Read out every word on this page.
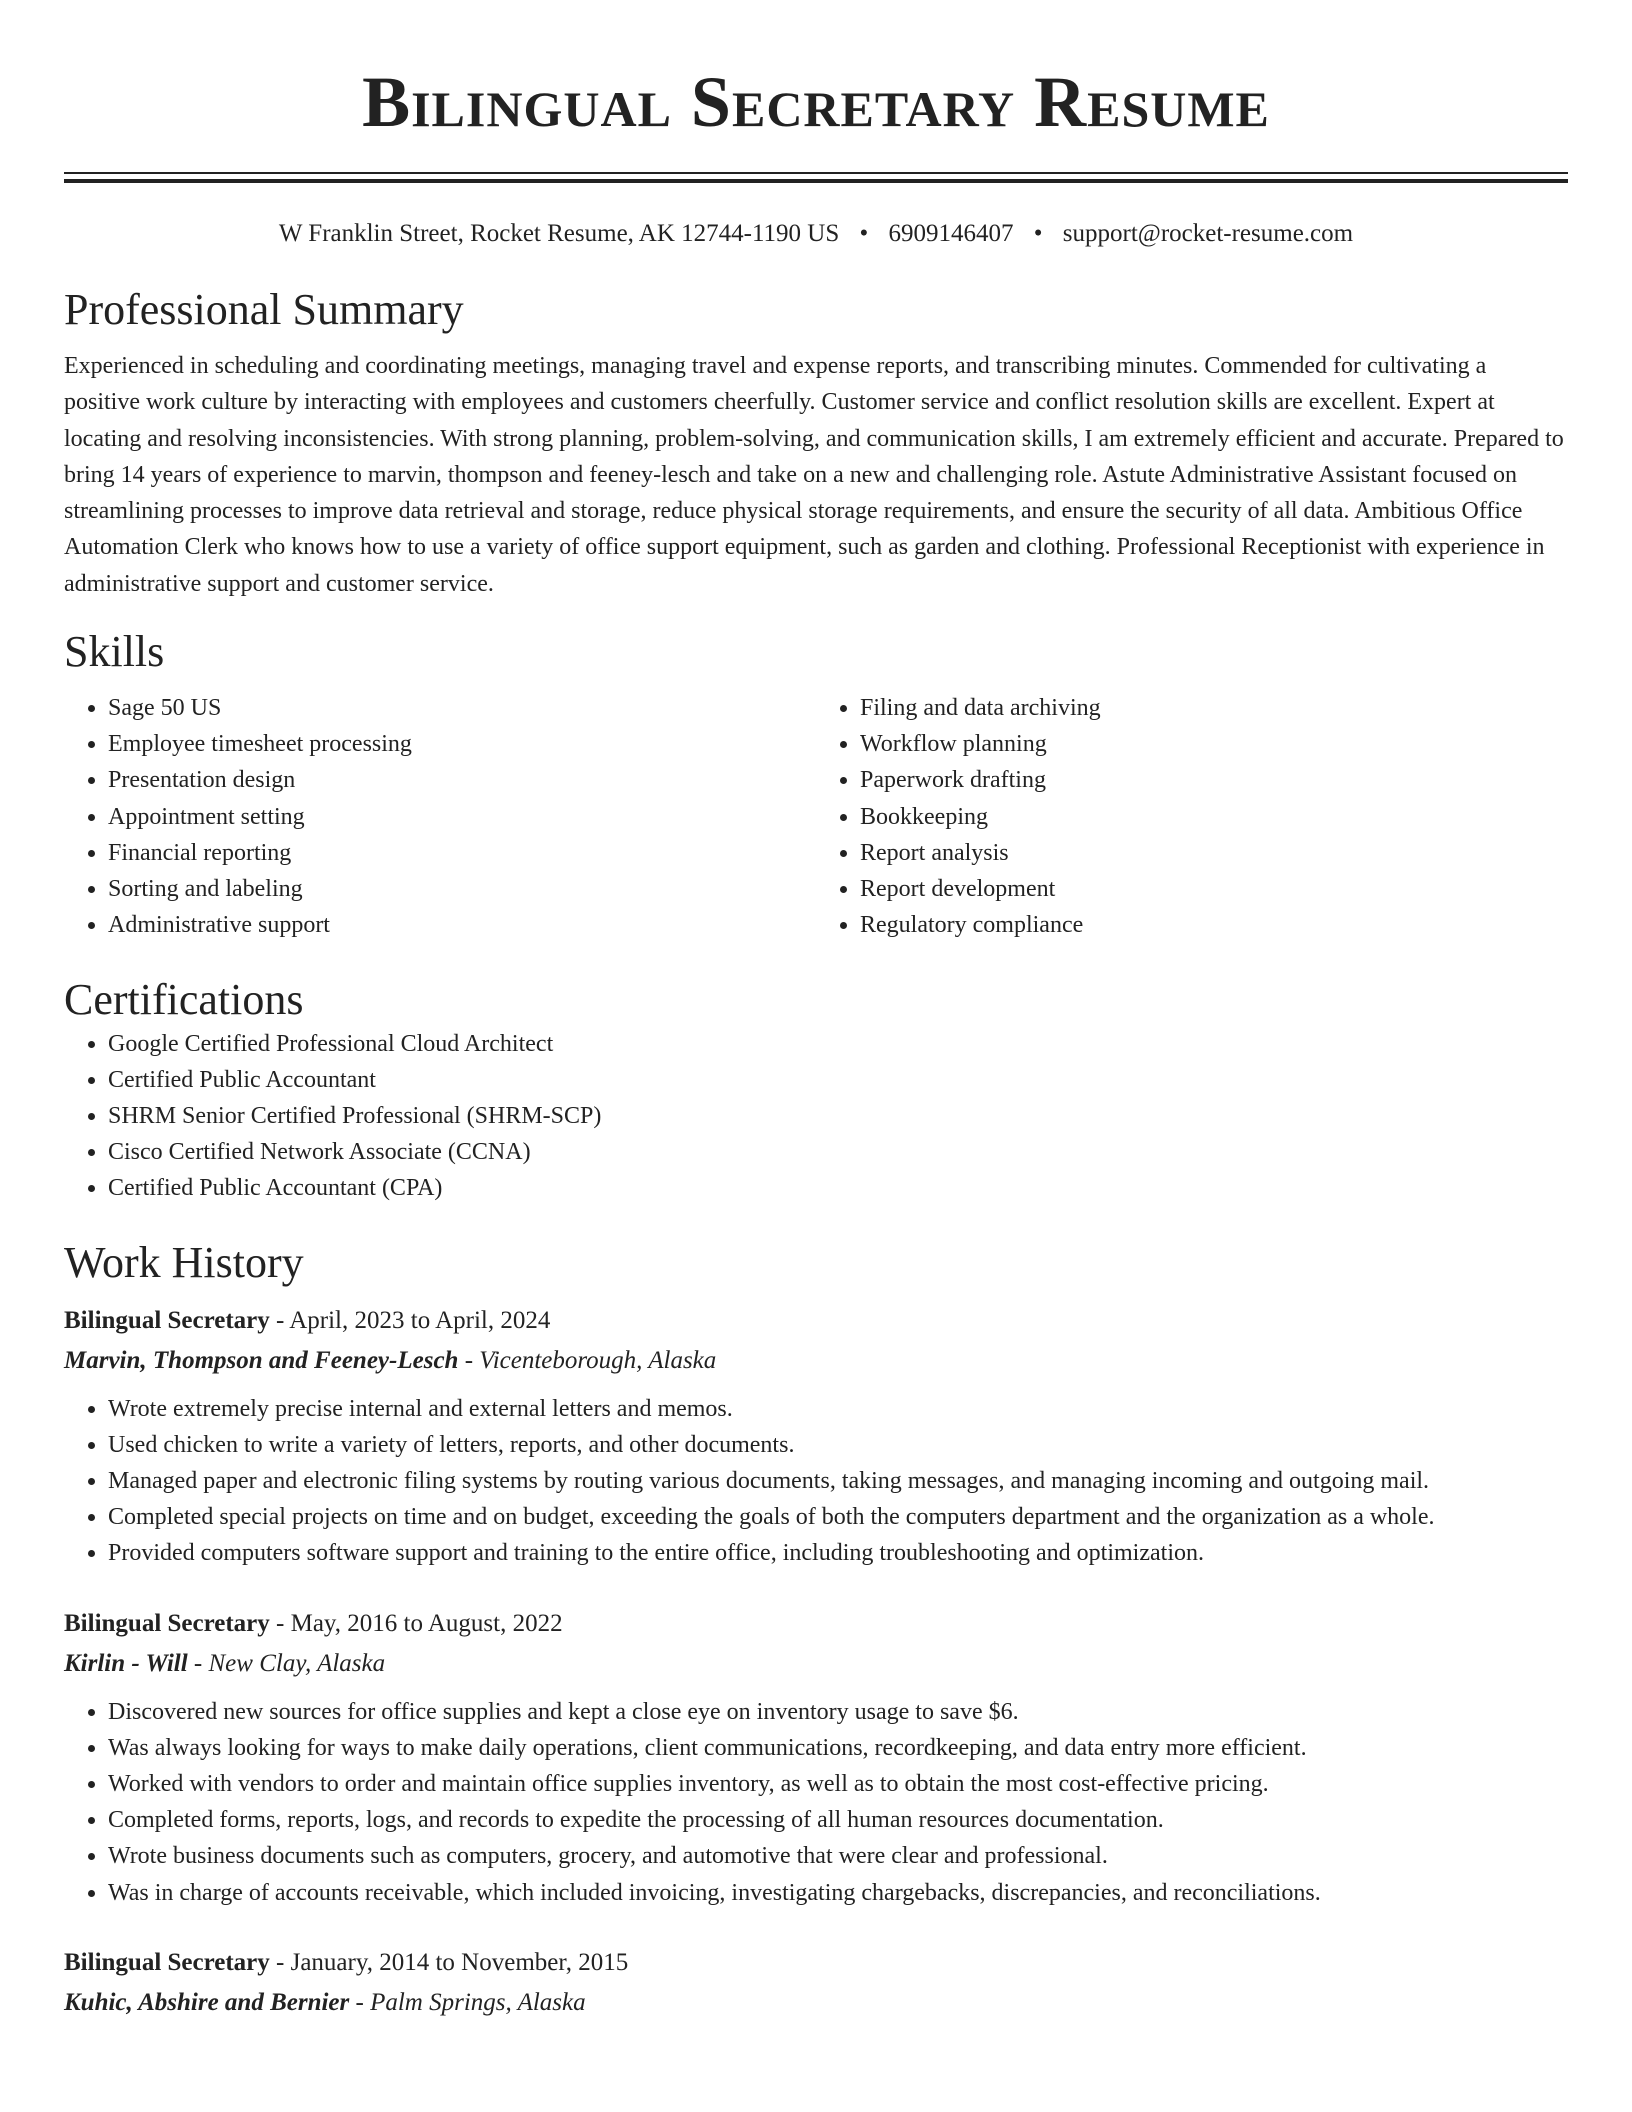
Bilingual Secretary Resume
W Franklin Street, Rocket Resume, AK 12744-1190 US • 6909146407 • support@rocket-resume.com
Professional Summary

Experienced in scheduling and coordinating meetings, managing travel and expense reports, and transcribing minutes. Commended for cultivating a positive work culture by interacting with employees and customers cheerfully. Customer service and conflict resolution skills are excellent. Expert at locating and resolving inconsistencies. With strong planning, problem-solving, and communication skills, I am extremely efficient and accurate. Prepared to bring 14 years of experience to marvin, thompson and feeney-lesch and take on a new and challenging role. Astute Administrative Assistant focused on streamlining processes to improve data retrieval and storage, reduce physical storage requirements, and ensure the security of all data. Ambitious Office Automation Clerk who knows how to use a variety of office support equipment, such as garden and clothing. Professional Receptionist with experience in administrative support and customer service.

Skills
• Sage 50 US
• Employee timesheet processing
• Presentation design
• Appointment setting
• Financial reporting
• Sorting and labeling
• Administrative support
• Filing and data archiving
• Workflow planning
• Paperwork drafting
• Bookkeeping
• Report analysis
• Report development
• Regulatory compliance
Certifications
• Google Certified Professional Cloud Architect
• Certified Public Accountant
• SHRM Senior Certified Professional (SHRM-SCP)
• Cisco Certified Network Associate (CCNA)
• Certified Public Accountant (CPA)
Work History
Bilingual Secretary - April, 2023 to April, 2024
Marvin, Thompson and Feeney-Lesch - Vicenteborough, Alaska
• Wrote extremely precise internal and external letters and memos.
• Used chicken to write a variety of letters, reports, and other documents.
• Managed paper and electronic filing systems by routing various documents, taking messages, and managing incoming and outgoing mail.
• Completed special projects on time and on budget, exceeding the goals of both the computers department and the organization as a whole.
• Provided computers software support and training to the entire office, including troubleshooting and optimization.
Bilingual Secretary - May, 2016 to August, 2022
Kirlin - Will - New Clay, Alaska
• Discovered new sources for office supplies and kept a close eye on inventory usage to save $6.
• Was always looking for ways to make daily operations, client communications, recordkeeping, and data entry more efficient.
• Worked with vendors to order and maintain office supplies inventory, as well as to obtain the most cost-effective pricing.
• Completed forms, reports, logs, and records to expedite the processing of all human resources documentation.
• Wrote business documents such as computers, grocery, and automotive that were clear and professional.
• Was in charge of accounts receivable, which included invoicing, investigating chargebacks, discrepancies, and reconciliations.
Bilingual Secretary - January, 2014 to November, 2015
Kuhic, Abshire and Bernier - Palm Springs, Alaska
